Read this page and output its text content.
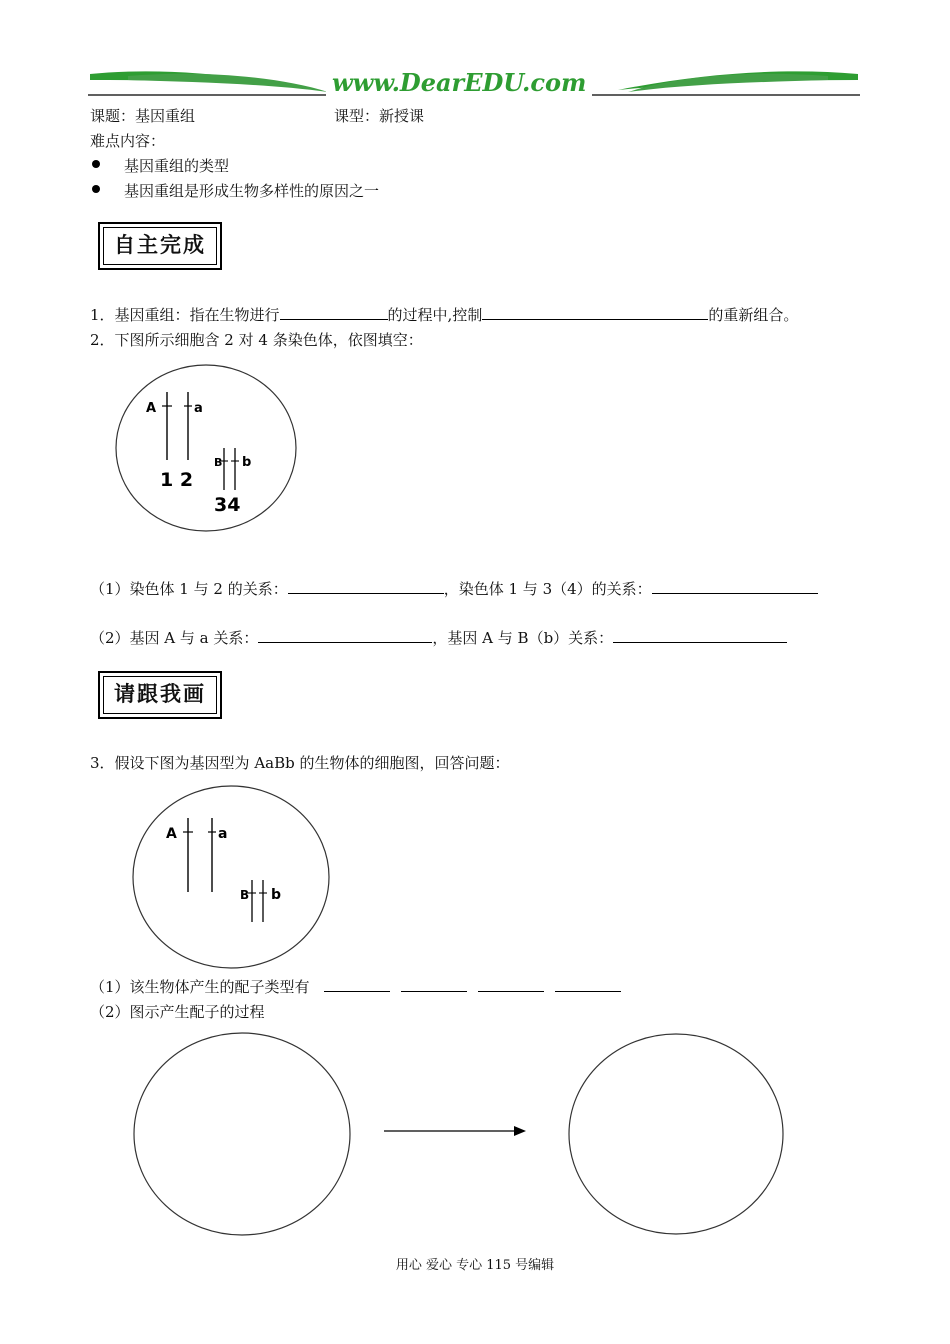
www.DearEDU.com
课题：基因重组	课型：新授课
难点内容：
基因重组的类型
基因重组是形成生物多样性的原因之一
自主完成
1．基因重组：指在生物进行	的过程中,控制	的重新组合。
2．下图所示细胞含 2 对 4 条染色体，依图填空：
A	a
B b
1 2
34
（1）染色体 1 与 2 的关系：	，染色体 1 与 3（4）的关系：
（2）基因 A 与 a 关系：	，基因 A 与 B（b）关系：
请跟我画
3．假设下图为基因型为 AaBb 的生物体的细胞图，回答问题：
A	a
B b
（1）该生物体产生的配子类型有
（2）图示产生配子的过程
用心 爱心 专心 115 号编辑
